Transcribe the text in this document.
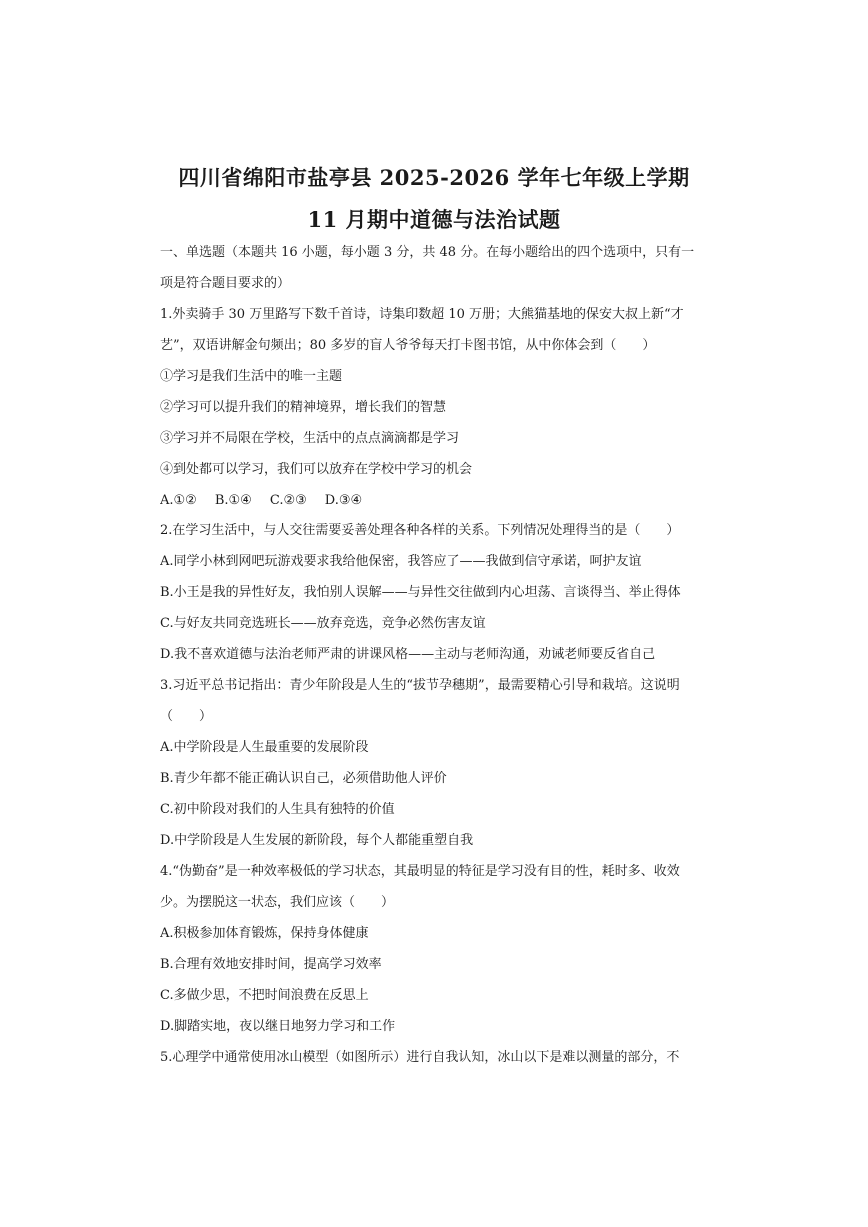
四川省绵阳市盐亭县 2025-2026 学年七年级上学期
11 月期中道德与法治试题
一、单选题（本题共 16 小题，每小题 3 分，共 48 分。在每小题给出的四个选项中，只有一
项是符合题目要求的）
1.外卖骑手 30 万里路写下数千首诗，诗集印数超 10 万册；大熊猫基地的保安大叔上新“才
艺”，双语讲解金句频出；80 多岁的盲人爷爷每天打卡图书馆，从中你体会到（　　）
①学习是我们生活中的唯一主题
②学习可以提升我们的精神境界，增长我们的智慧
③学习并不局限在学校，生活中的点点滴滴都是学习
④到处都可以学习，我们可以放弃在学校中学习的机会
A.①② B.①④ C.②③ D.③④
2.在学习生活中，与人交往需要妥善处理各种各样的关系。下列情况处理得当的是（　　）
A.同学小林到网吧玩游戏要求我给他保密，我答应了——我做到信守承诺，呵护友谊
B.小王是我的异性好友，我怕别人误解——与异性交往做到内心坦荡、言谈得当、举止得体
C.与好友共同竞选班长——放弃竞选，竞争必然伤害友谊
D.我不喜欢道德与法治老师严肃的讲课风格——主动与老师沟通，劝诫老师要反省自己
3.习近平总书记指出：青少年阶段是人生的“拔节孕穗期”，最需要精心引导和栽培。这说明
（　　）
A.中学阶段是人生最重要的发展阶段
B.青少年都不能正确认识自己，必须借助他人评价
C.初中阶段对我们的人生具有独特的价值
D.中学阶段是人生发展的新阶段，每个人都能重塑自我
4.“伪勤奋”是一种效率极低的学习状态，其最明显的特征是学习没有目的性，耗时多、收效
少。为摆脱这一状态，我们应该（　　）
A.积极参加体育锻炼，保持身体健康
B.合理有效地安排时间，提高学习效率
C.多做少思，不把时间浪费在反思上
D.脚踏实地，夜以继日地努力学习和工作
5.心理学中通常使用冰山模型（如图所示）进行自我认知，冰山以下是难以测量的部分，不
